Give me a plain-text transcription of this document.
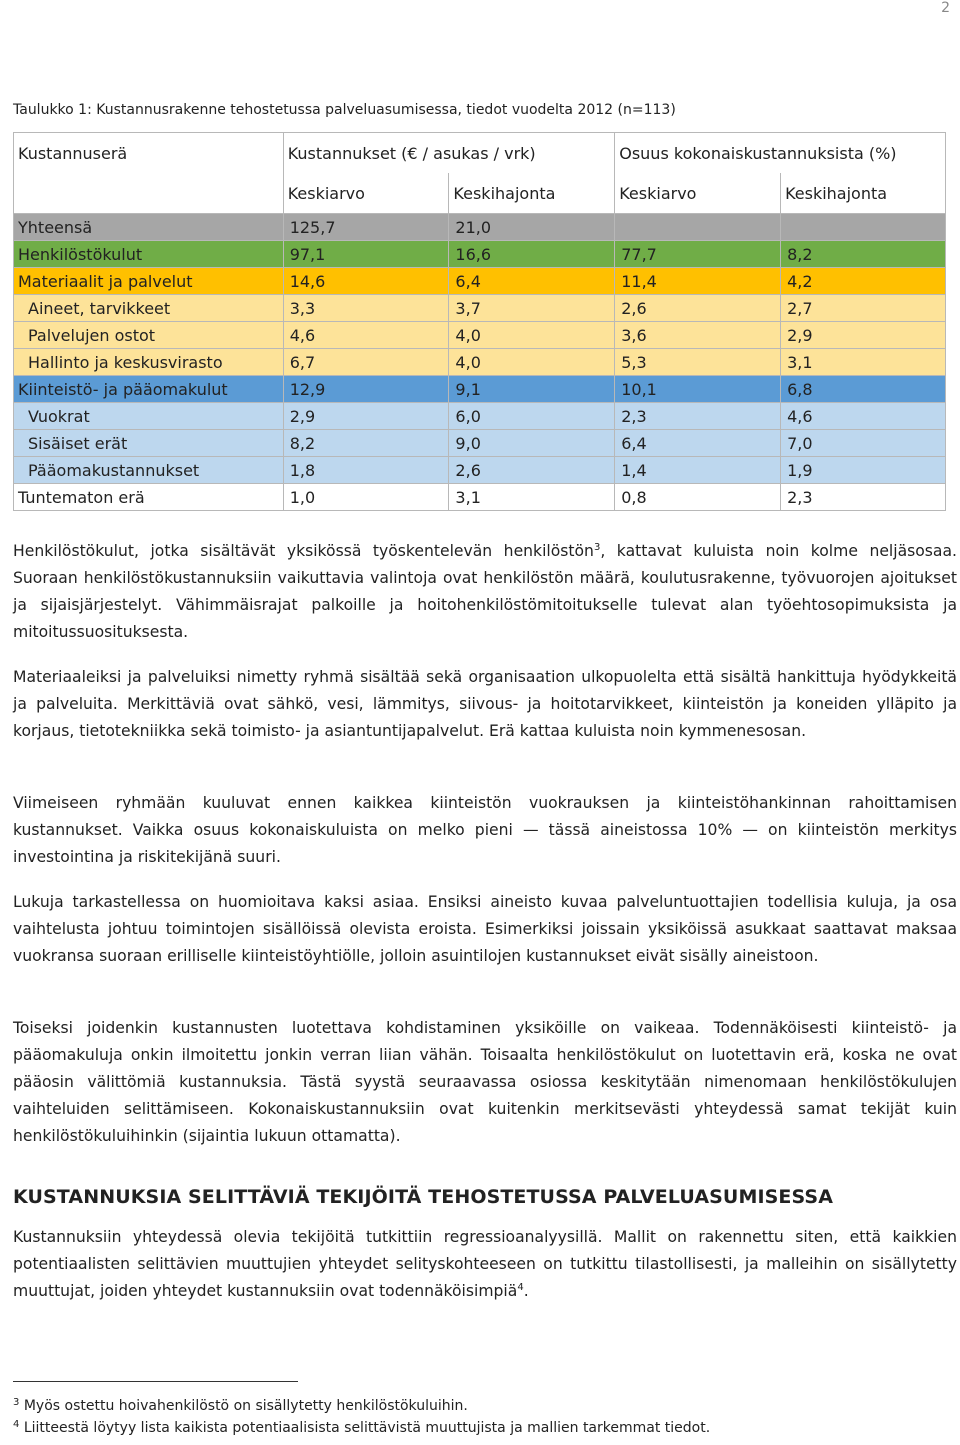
2
Taulukko 1: Kustannusrakenne tehostetussa palveluasumisessa, tiedot vuodelta 2012 (n=113)
Kustannuserä	Kustannukset (€ / asukas / vrk)		Osuus kokonaiskustannuksista (%)	
	Keskiarvo	Keskihajonta	Keskiarvo	Keskihajonta
Yhteensä	125,7	21,0		
Henkilöstökulut	97,1	16,6	77,7	8,2
Materiaalit ja palvelut	14,6	6,4	11,4	4,2
Aineet, tarvikkeet	3,3	3,7	2,6	2,7
Palvelujen ostot	4,6	4,0	3,6	2,9
Hallinto ja keskusvirasto	6,7	4,0	5,3	3,1
Kiinteistö- ja pääomakulut	12,9	9,1	10,1	6,8
Vuokrat	2,9	6,0	2,3	4,6
Sisäiset erät	8,2	9,0	6,4	7,0
Pääomakustannukset	1,8	2,6	1,4	1,9
Tuntematon erä	1,0	3,1	0,8	2,3

Henkilöstökulut, jotka sisältävät yksikössä työskentelevän henkilöstön$^3$, kattavat kuluista noin kolme neljäsosaa. Suoraan henkilöstökustannuksiin vaikuttavia valintoja ovat henkilöstön määrä, koulutusrakenne, työvuorojen ajoitukset ja sijaisjärjestelyt. Vähimmäisrajat palkoille ja hoitohenkilöstömitoitukselle tulevat alan työehtosopimuksista ja mitoitussuosituksesta.

Materiaaleiksi ja palveluiksi nimetty ryhmä sisältää sekä organisaation ulkopuolelta että sisältä hankittuja hyödykkeitä ja palveluita. Merkittäviä ovat sähkö, vesi, lämmitys, siivous- ja hoitotarvikkeet, kiinteistön ja koneiden ylläpito ja korjaus, tietotekniikka sekä toimisto- ja asiantuntijapalvelut. Erä kattaa kuluista noin kymmenesosan.

Viimeiseen ryhmään kuuluvat ennen kaikkea kiinteistön vuokrauksen ja kiinteistöhankinnan rahoittamisen kustannukset. Vaikka osuus kokonaiskuluista on melko pieni — tässä aineistossa 10% — on kiinteistön merkitys investointina ja riskitekijänä suuri.

Lukuja tarkastellessa on huomioitava kaksi asiaa. Ensiksi aineisto kuvaa palveluntuottajien todellisia kuluja, ja osa vaihtelusta johtuu toimintojen sisällöissä olevista eroista. Esimerkiksi joissain yksiköissä asukkaat saattavat maksaa vuokransa suoraan erilliselle kiinteistöyhtiölle, jolloin asuintilojen kustannukset eivät sisälly aineistoon.

Toiseksi joidenkin kustannusten luotettava kohdistaminen yksiköille on vaikeaa. Todennäköisesti kiinteistö- ja pääomakuluja onkin ilmoitettu jonkin verran liian vähän. Toisaalta henkilöstökulut on luotettavin erä, koska ne ovat pääosin välittömiä kustannuksia. Tästä syystä seuraavassa osiossa keskitytään nimenomaan henkilöstökulujen vaihteluiden selittämiseen. Kokonaiskustannuksiin ovat kuitenkin merkitsevästi yhteydessä samat tekijät kuin henkilöstökuluihinkin (sijaintia lukuun ottamatta).

KUSTANNUKSIA SELITTÄVIÄ TEKIJÖITÄ TEHOSTETUSSA PALVELUASUMISESSA

Kustannuksiin yhteydessä olevia tekijöitä tutkittiin regressioanalyysillä. Mallit on rakennettu siten, että kaikkien potentiaalisten selittävien muuttujien yhteydet selityskohteeseen on tutkittu tilastollisesti, ja malleihin on sisällytetty muuttujat, joiden yhteydet kustannuksiin ovat todennäköisimpiä$^4$.

$^3$ Myös ostettu hoivahenkilöstö on sisällytetty henkilöstökuluihin.
$^4$ Liitteestä löytyy lista kaikista potentiaalisista selittävistä muuttujista ja mallien tarkemmat tiedot.
